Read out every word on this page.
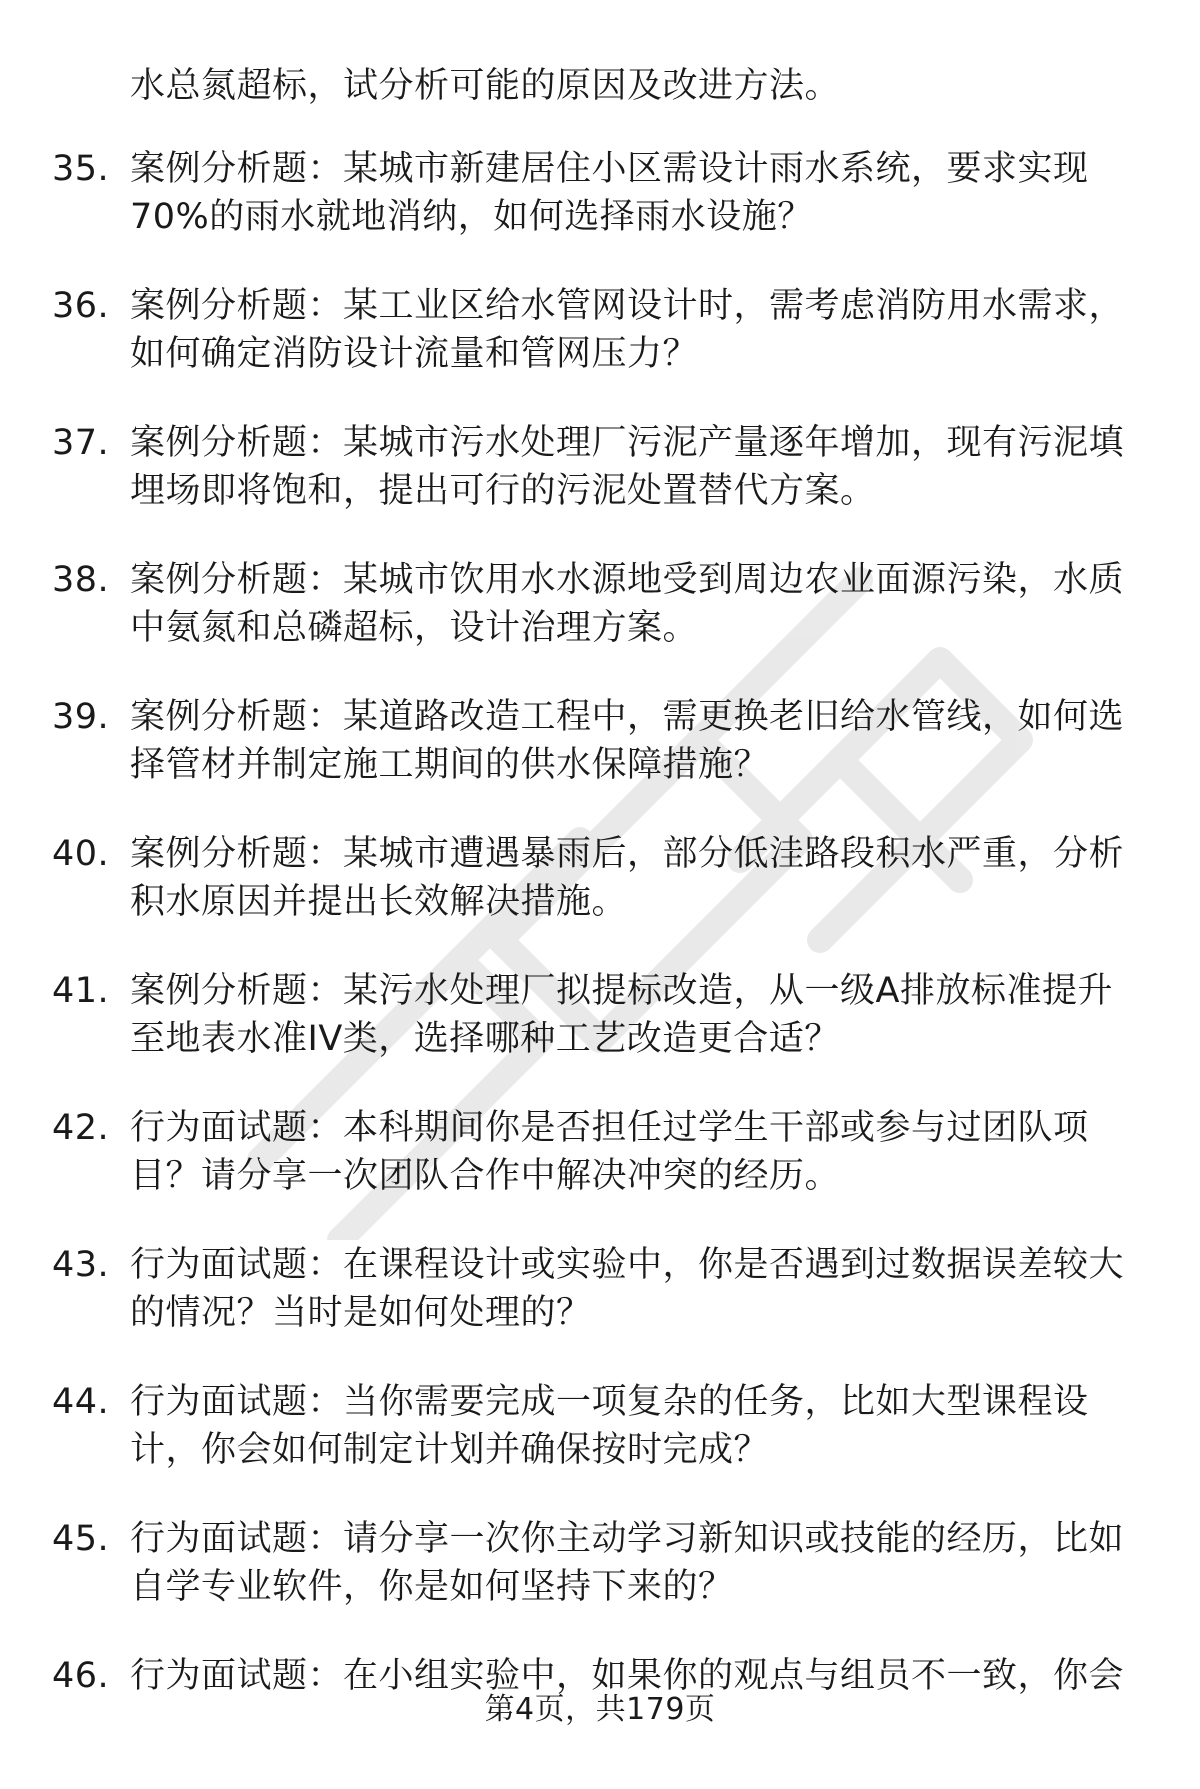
水总氮超标，试分析可能的原因及改进方法。
35. 案例分析题：某城市新建居住小区需设计雨水系统，要求实现
70%的雨水就地消纳，如何选择雨水设施？
36. 案例分析题：某工业区给水管网设计时，需考虑消防用水需求，
如何确定消防设计流量和管网压力？
37. 案例分析题：某城市污水处理厂污泥产量逐年增加，现有污泥填
埋场即将饱和，提出可行的污泥处置替代方案。
38. 案例分析题：某城市饮用水水源地受到周边农业面源污染，水质
中氨氮和总磷超标，设计治理方案。
39. 案例分析题：某道路改造工程中，需更换老旧给水管线，如何选
择管材并制定施工期间的供水保障措施？
40. 案例分析题：某城市遭遇暴雨后，部分低洼路段积水严重，分析
积水原因并提出长效解决措施。
41. 案例分析题：某污水处理厂拟提标改造，从一级A排放标准提升
至地表水准IV类，选择哪种工艺改造更合适？
42. 行为面试题：本科期间你是否担任过学生干部或参与过团队项
目？请分享一次团队合作中解决冲突的经历。
43. 行为面试题：在课程设计或实验中，你是否遇到过数据误差较大
的情况？当时是如何处理的？
44. 行为面试题：当你需要完成一项复杂的任务，比如大型课程设
计，你会如何制定计划并确保按时完成？
45. 行为面试题：请分享一次你主动学习新知识或技能的经历，比如
自学专业软件，你是如何坚持下来的？
46. 行为面试题：在小组实验中，如果你的观点与组员不一致，你会
第4页，共179页
